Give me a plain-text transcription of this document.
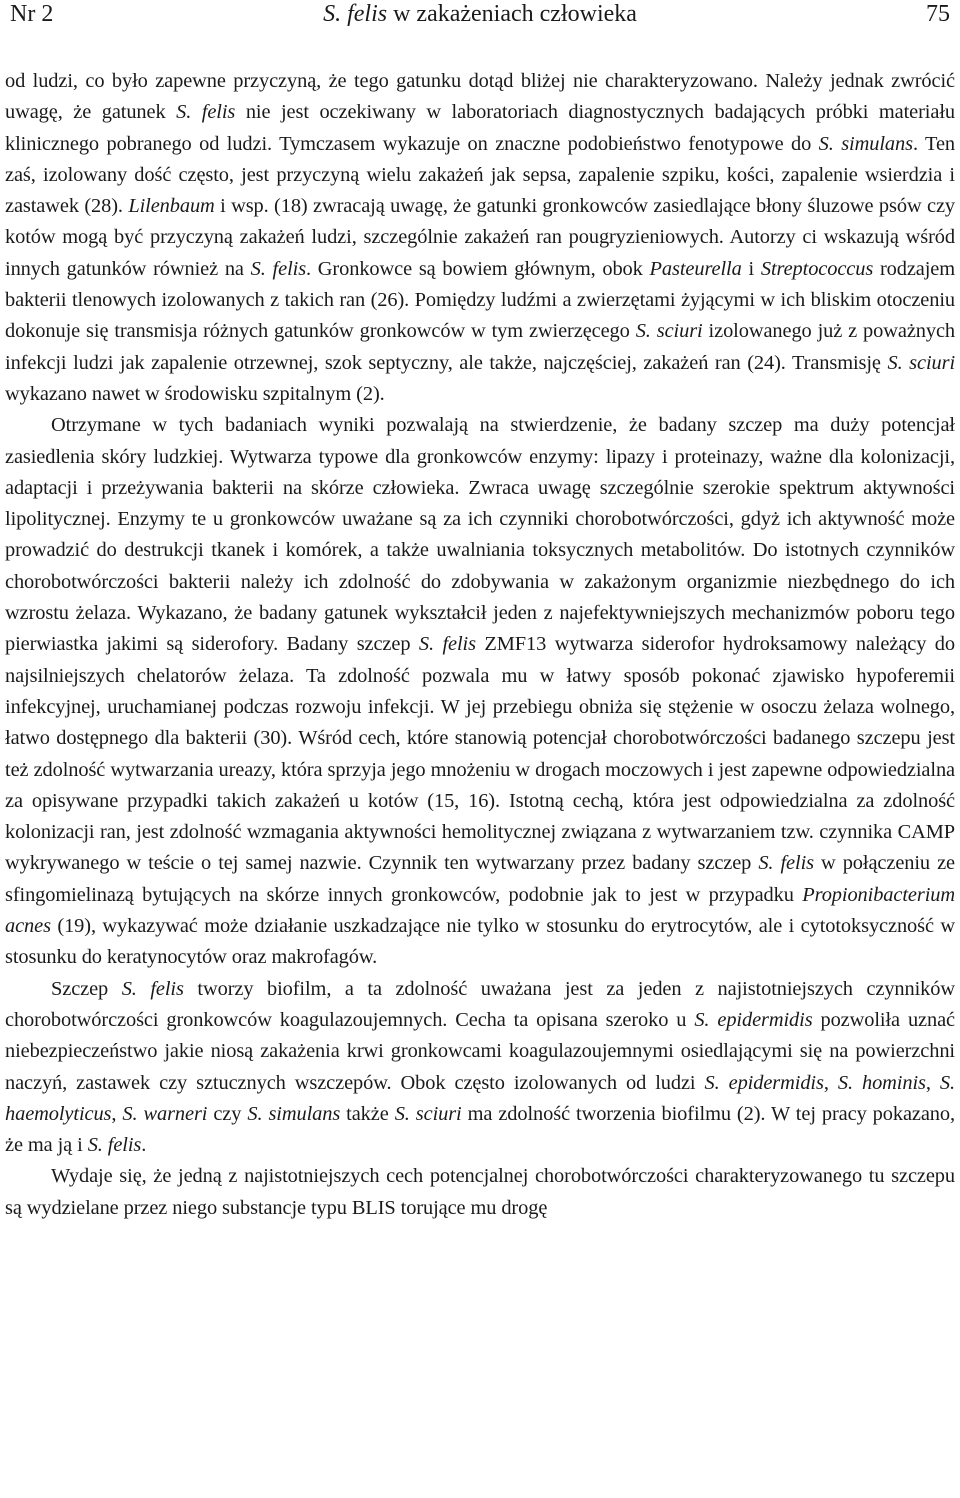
Nr 2	S. felis w zakażeniach człowieka	75

od ludzi, co było zapewne przyczyną, że tego gatunku dotąd bliżej nie charakteryzowano. Należy jednak zwrócić uwagę, że gatunek S. felis nie jest oczekiwany w laboratoriach diagnostycznych badających próbki materiału klinicznego pobranego od ludzi. Tymczasem wykazuje on znaczne podobieństwo fenotypowe do S. simulans. Ten zaś, izolowany dość często, jest przyczyną wielu zakażeń jak sepsa, zapalenie szpiku, kości, zapalenie wsierdzia i zastawek (28). Lilenbaum i wsp. (18) zwracają uwagę, że gatunki gronkowców zasiedlające błony śluzowe psów czy kotów mogą być przyczyną zakażeń ludzi, szczególnie zakażeń ran pougryzieniowych. Autorzy ci wskazują wśród innych gatunków również na S. felis. Gronkowce są bowiem głównym, obok Pasteurella i Streptococcus rodzajem bakterii tlenowych izolowanych z takich ran (26). Pomiędzy ludźmi a zwierzętami żyjącymi w ich bliskim otoczeniu dokonuje się transmisja różnych gatunków gronkowców w tym zwierzęcego S. sciuri izolowanego już z poważnych infekcji ludzi jak zapalenie otrzewnej, szok septyczny, ale także, najczęściej, zakażeń ran (24). Transmisję S. sciuri wykazano nawet w środowisku szpitalnym (2).

Otrzymane w tych badaniach wyniki pozwalają na stwierdzenie, że badany szczep ma duży potencjał zasiedlenia skóry ludzkiej. Wytwarza typowe dla gronkowców enzymy: lipazy i proteinazy, ważne dla kolonizacji, adaptacji i przeżywania bakterii na skórze człowieka. Zwraca uwagę szczególnie szerokie spektrum aktywności lipolitycznej. Enzymy te u gronkowców uważane są za ich czynniki chorobotwórczości, gdyż ich aktywność może prowadzić do destrukcji tkanek i komórek, a także uwalniania toksycznych metabolitów. Do istotnych czynników chorobotwórczości bakterii należy ich zdolność do zdobywania w zakażonym organizmie niezbędnego do ich wzrostu żelaza. Wykazano, że badany gatunek wykształcił jeden z najefektywniejszych mechanizmów poboru tego pierwiastka jakimi są siderofory. Badany szczep S. felis ZMF13 wytwarza siderofor hydroksamowy należący do najsilniejszych chelatorów żelaza. Ta zdolność pozwala mu w łatwy sposób pokonać zjawisko hypoferemii infekcyjnej, uruchamianej podczas rozwoju infekcji. W jej przebiegu obniża się stężenie w osoczu żelaza wolnego, łatwo dostępnego dla bakterii (30). Wśród cech, które stanowią potencjał chorobotwórczości badanego szczepu jest też zdolność wytwarzania ureazy, która sprzyja jego mnożeniu w drogach moczowych i jest zapewne odpowiedzialna za opisywane przypadki takich zakażeń u kotów (15, 16). Istotną cechą, która jest odpowiedzialna za zdolność kolonizacji ran, jest zdolność wzmagania aktywności hemolitycznej związana z wytwarzaniem tzw. czynnika CAMP wykrywanego w teście o tej samej nazwie. Czynnik ten wytwarzany przez badany szczep S. felis w połączeniu ze sfingomielinazą bytujących na skórze innych gronkowców, podobnie jak to jest w przypadku Propionibacterium acnes (19), wykazywać może działanie uszkadzające nie tylko w stosunku do erytrocytów, ale i cytotoksyczność w stosunku do keratynocytów oraz makrofagów.

Szczep S. felis tworzy biofilm, a ta zdolność uważana jest za jeden z najistotniejszych czynników chorobotwórczości gronkowców koagulazoujemnych. Cecha ta opisana szeroko u S. epidermidis pozwoliła uznać niebezpieczeństwo jakie niosą zakażenia krwi gronkowcami koagulazoujemnymi osiedlającymi się na powierzchni naczyń, zastawek czy sztucznych wszczepów. Obok często izolowanych od ludzi S. epidermidis, S. hominis, S. haemolyticus, S. warneri czy S. simulans także S. sciuri ma zdolność tworzenia biofilmu (2). W tej pracy pokazano, że ma ją i S. felis.

Wydaje się, że jedną z najistotniejszych cech potencjalnej chorobotwórczości charakteryzowanego tu szczepu są wydzielane przez niego substancje typu BLIS torujące mu drogę
